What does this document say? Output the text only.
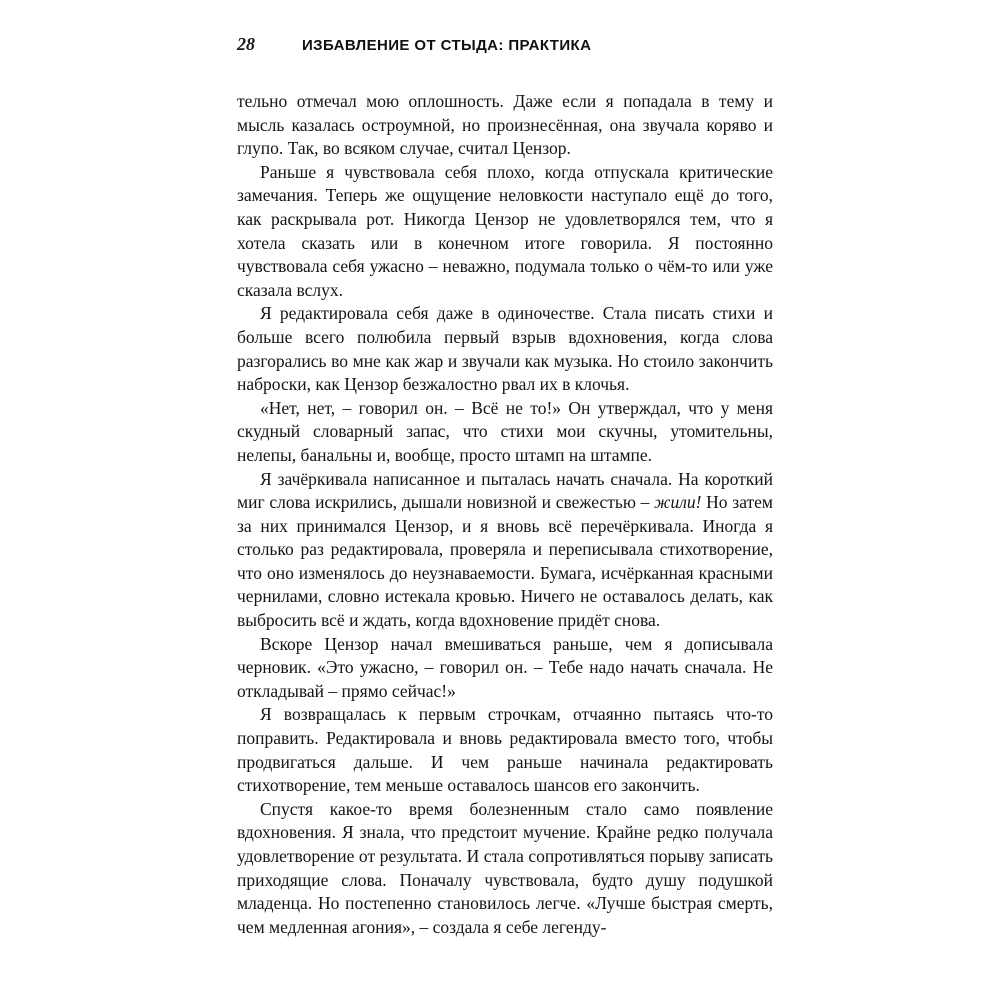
28	ИЗБАВЛЕНИЕ ОТ СТЫДА: ПРАКТИКА

тельно отмечал мою оплошность. Даже если я попадала в тему и мысль казалась остроумной, но произнесённая, она звучала коряво и глупо. Так, во всяком случае, считал Цензор.

Раньше я чувствовала себя плохо, когда отпускала критические замечания. Теперь же ощущение неловкости наступало ещё до того, как раскрывала рот. Никогда Цензор не удовлетворялся тем, что я хотела сказать или в конечном итоге говорила. Я постоянно чувствовала себя ужасно – неважно, подумала только о чём-то или уже сказала вслух.

Я редактировала себя даже в одиночестве. Стала писать стихи и больше всего полюбила первый взрыв вдохновения, когда слова разгорались во мне как жар и звучали как музыка. Но стоило закончить наброски, как Цензор безжалостно рвал их в клочья.

«Нет, нет, – говорил он. – Всё не то!» Он утверждал, что у меня скудный словарный запас, что стихи мои скучны, утомительны, нелепы, банальны и, вообще, просто штамп на штампе.

Я зачёркивала написанное и пыталась начать сначала. На короткий миг слова искрились, дышали новизной и свежестью – жили! Но затем за них принимался Цензор, и я вновь всё перечёркивала. Иногда я столько раз редактировала, проверяла и переписывала стихотворение, что оно изменялось до неузнаваемости. Бумага, исчёрканная красными чернилами, словно истекала кровью. Ничего не оставалось делать, как выбросить всё и ждать, когда вдохновение придёт снова.

Вскоре Цензор начал вмешиваться раньше, чем я дописывала черновик. «Это ужасно, – говорил он. – Тебе надо начать сначала. Не откладывай – прямо сейчас!»

Я возвращалась к первым строчкам, отчаянно пытаясь что-то поправить. Редактировала и вновь редактировала вместо того, чтобы продвигаться дальше. И чем раньше начинала редактировать стихотворение, тем меньше оставалось шансов его закончить.

Спустя какое-то время болезненным стало само появление вдохновения. Я знала, что предстоит мучение. Крайне редко получала удовлетворение от результата. И стала сопротивляться порыву записать приходящие слова. Поначалу чувствовала, будто душу подушкой младенца. Но постепенно становилось легче. «Лучше быстрая смерть, чем медленная агония», – создала я себе легенду-
